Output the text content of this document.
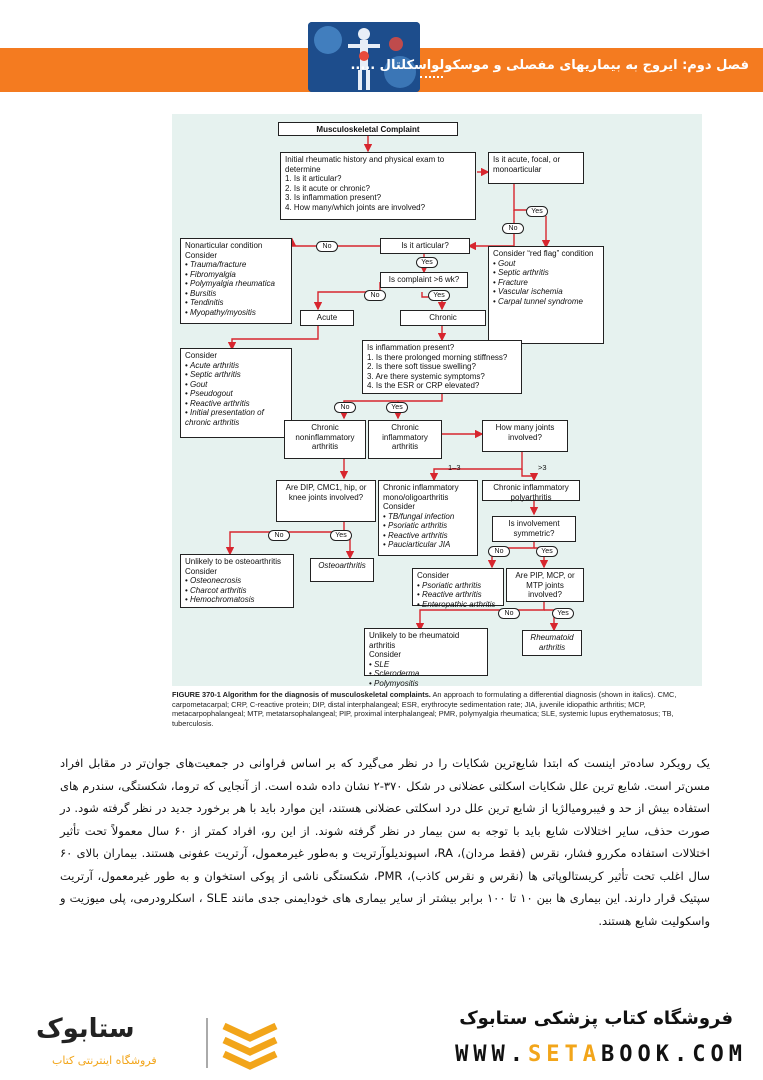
فصل دوم: ایروج به بیماریهای مفصلی و موسکولواسکلتال .....
Musculoskeletal Complaint
Initial rheumatic history and physical exam to determine
1. Is it articular?
2. Is it acute or chronic?
3. Is inflammation present?
4. How many/which joints are involved?
Is it acute, focal, or monoarticular
Yes
No
Nonarticular condition
Consider
• Trauma/fracture
• Fibromyalgia
• Polymyalgia rheumatica
• Bursitis
• Tendinitis
• Myopathy/myositis
No	Is it articular?
Consider “red flag” condition
• Gout
• Septic arthritis
• Fracture
• Vascular ischemia
• Carpal tunnel syndrome
Yes
Is complaint >6 wk?
No	Yes
Acute	Chronic
Consider
• Acute arthritis
• Septic arthritis
• Gout
• Pseudogout
• Reactive arthritis
• Initial presentation of chronic arthritis
Is inflammation present?
1. Is there prolonged morning stiffness?
2. Is there soft tissue swelling?
3. Are there systemic symptoms?
4. Is the ESR or CRP elevated?
No	Yes
Chronic noninflammatory arthritis
Chronic inflammatory arthritis
How many joints involved?
1–3	>3
Are DIP, CMC1, hip, or knee joints involved?
Chronic inflammatory mono/oligoarthritis
Consider
• TB/fungal infection
• Psoriatic arthritis
• Reactive arthritis
• Pauciarticular JIA
Chronic inflammatory polyarthritis
Is involvement symmetric?
No	Yes
No	Yes
Unlikely to be osteoarthritis
Consider
• Osteonecrosis
• Charcot arthritis
• Hemochromatosis
Osteoarthritis
Consider
• Psoriatic arthritis
• Reactive arthritis
• Enteropathic arthritis
Are PIP, MCP, or MTP joints involved?
No	Yes
Unlikely to be rheumatoid arthritis
Consider
• SLE
• Scleroderma
• Polymyositis
Rheumatoid arthritis
FIGURE 370-1 Algorithm for the diagnosis of musculoskeletal complaints. An approach to formulating a differential diagnosis (shown in italics). CMC, carpometacarpal; CRP, C-reactive protein; DIP, distal interphalangeal; ESR, erythrocyte sedimentation rate; JIA, juvenile idiopathic arthritis; MCP, metacarpophalangeal; MTP, metatarsophalangeal; PIP, proximal interphalangeal; PMR, polymyalgia rheumatica; SLE, systemic lupus erythematosus; TB, tuberculosis.
یک رویکرد ساده‌تر اینست که ابتدا شایع‌ترین شکایات را در نظر می‌گیرد که بر اساس فراوانی در جمعیت‌های جوان‌تر در مقابل افراد مسن‌تر است. شایع ترین علل شکایات اسکلتی عضلانی در شکل ۳۷۰-۲ نشان داده شده است. از آنجایی که تروما، شکستگی، سندرم های استفاده بیش از حد و فیبرومیالژیا از شایع ترین علل درد اسکلتی عضلانی هستند، این موارد باید با هر برخورد جدید در نظر گرفته شود. در صورت حذف، سایر اختلالات شایع باید با توجه به سن بیمار در نظر گرفته شوند. از این رو، افراد کمتر از ۶۰ سال معمولاً تحت تأثیر اختلالات استفاده مکررو فشار، نقرس (فقط مردان)، RA، اسپوندیلوآرتریت و به‌طور غیرمعمول، آرتریت عفونی هستند. بیماران بالای ۶۰ سال اغلب تحت تأثیر کریستالوپاتی ها (نقرس و نقرس کاذب)، PMR، شکستگی ناشی از پوکی استخوان و به طور غیرمعمول، آرتریت سپتیک قرار دارند. این بیماری ها بین ۱۰ تا ۱۰۰ برابر بیشتر از سایر بیماری های خودایمنی جدی مانند SLE ، اسکلرودرمی، پلی میوزیت و واسکولیت شایع هستند.
ستابوک
فروشگاه اینترنتی کتاب
فروشگاه کتاب پزشکی ستابوک
WWW.SETABOOK.COM
